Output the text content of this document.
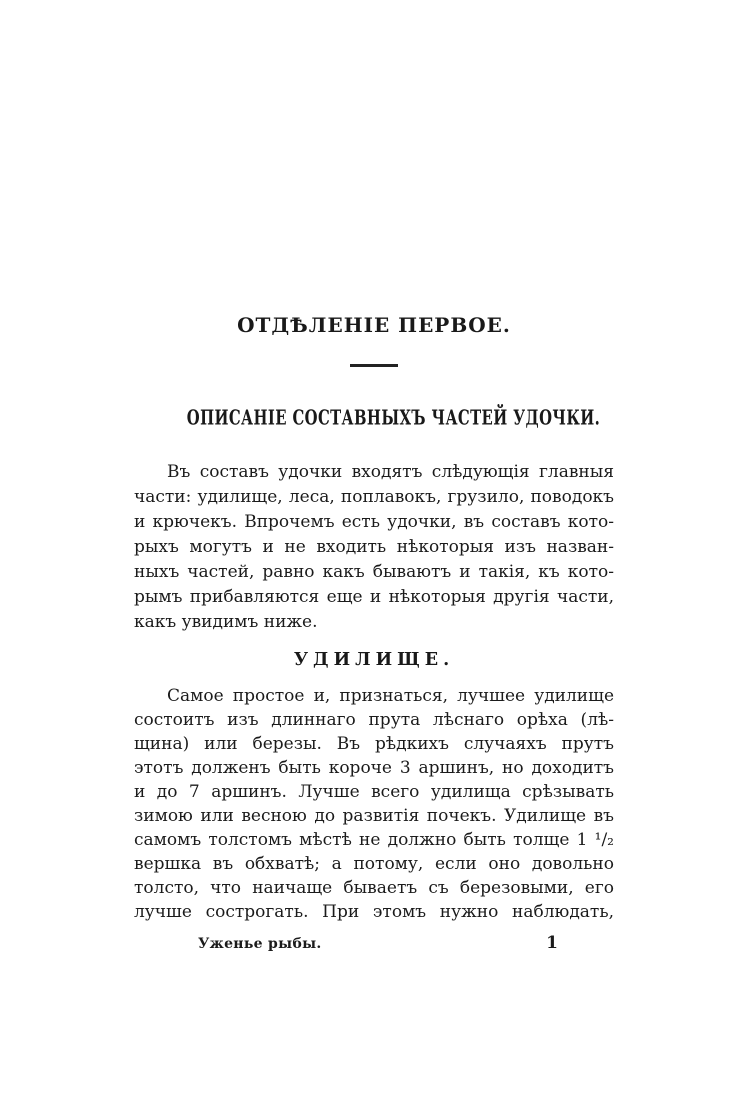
ОТДѢЛЕНІЕ ПЕРВОЕ.
ОПИСАНІЕ СОСТАВНЫХЪ ЧАСТЕЙ УДОЧКИ.
Въ составъ удочки входятъ слѣдующія главныя
части: удилище, леса, поплавокъ, грузило, поводокъ
и крючекъ. Впрочемъ есть удочки, въ составъ кото-
рыхъ могутъ и не входить нѣкоторыя изъ назван-
ныхъ частей, равно какъ бываютъ и такія, къ кото-
рымъ прибавляются еще и нѣкоторыя другія части,
какъ увидимъ ниже.
УДИЛИЩЕ.
Самое простое и, признаться, лучшее удилище
состоитъ изъ длиннаго прута лѣснаго орѣха (лѣ-
щина) или березы. Въ рѣдкихъ случаяхъ прутъ
этотъ долженъ быть короче 3 аршинъ, но доходитъ
и до 7 аршинъ. Лучше всего удилища срѣзывать
зимою или весною до развитія почекъ. Удилище въ
самомъ толстомъ мѣстѣ не должно быть толще 1 ¹/₂
вершка въ обхватѣ; а потому, если оно довольно
толсто, что наичаще бываетъ съ березовыми, его
лучше сострогать. При этомъ нужно наблюдать,
Уженье рыбы.	1
